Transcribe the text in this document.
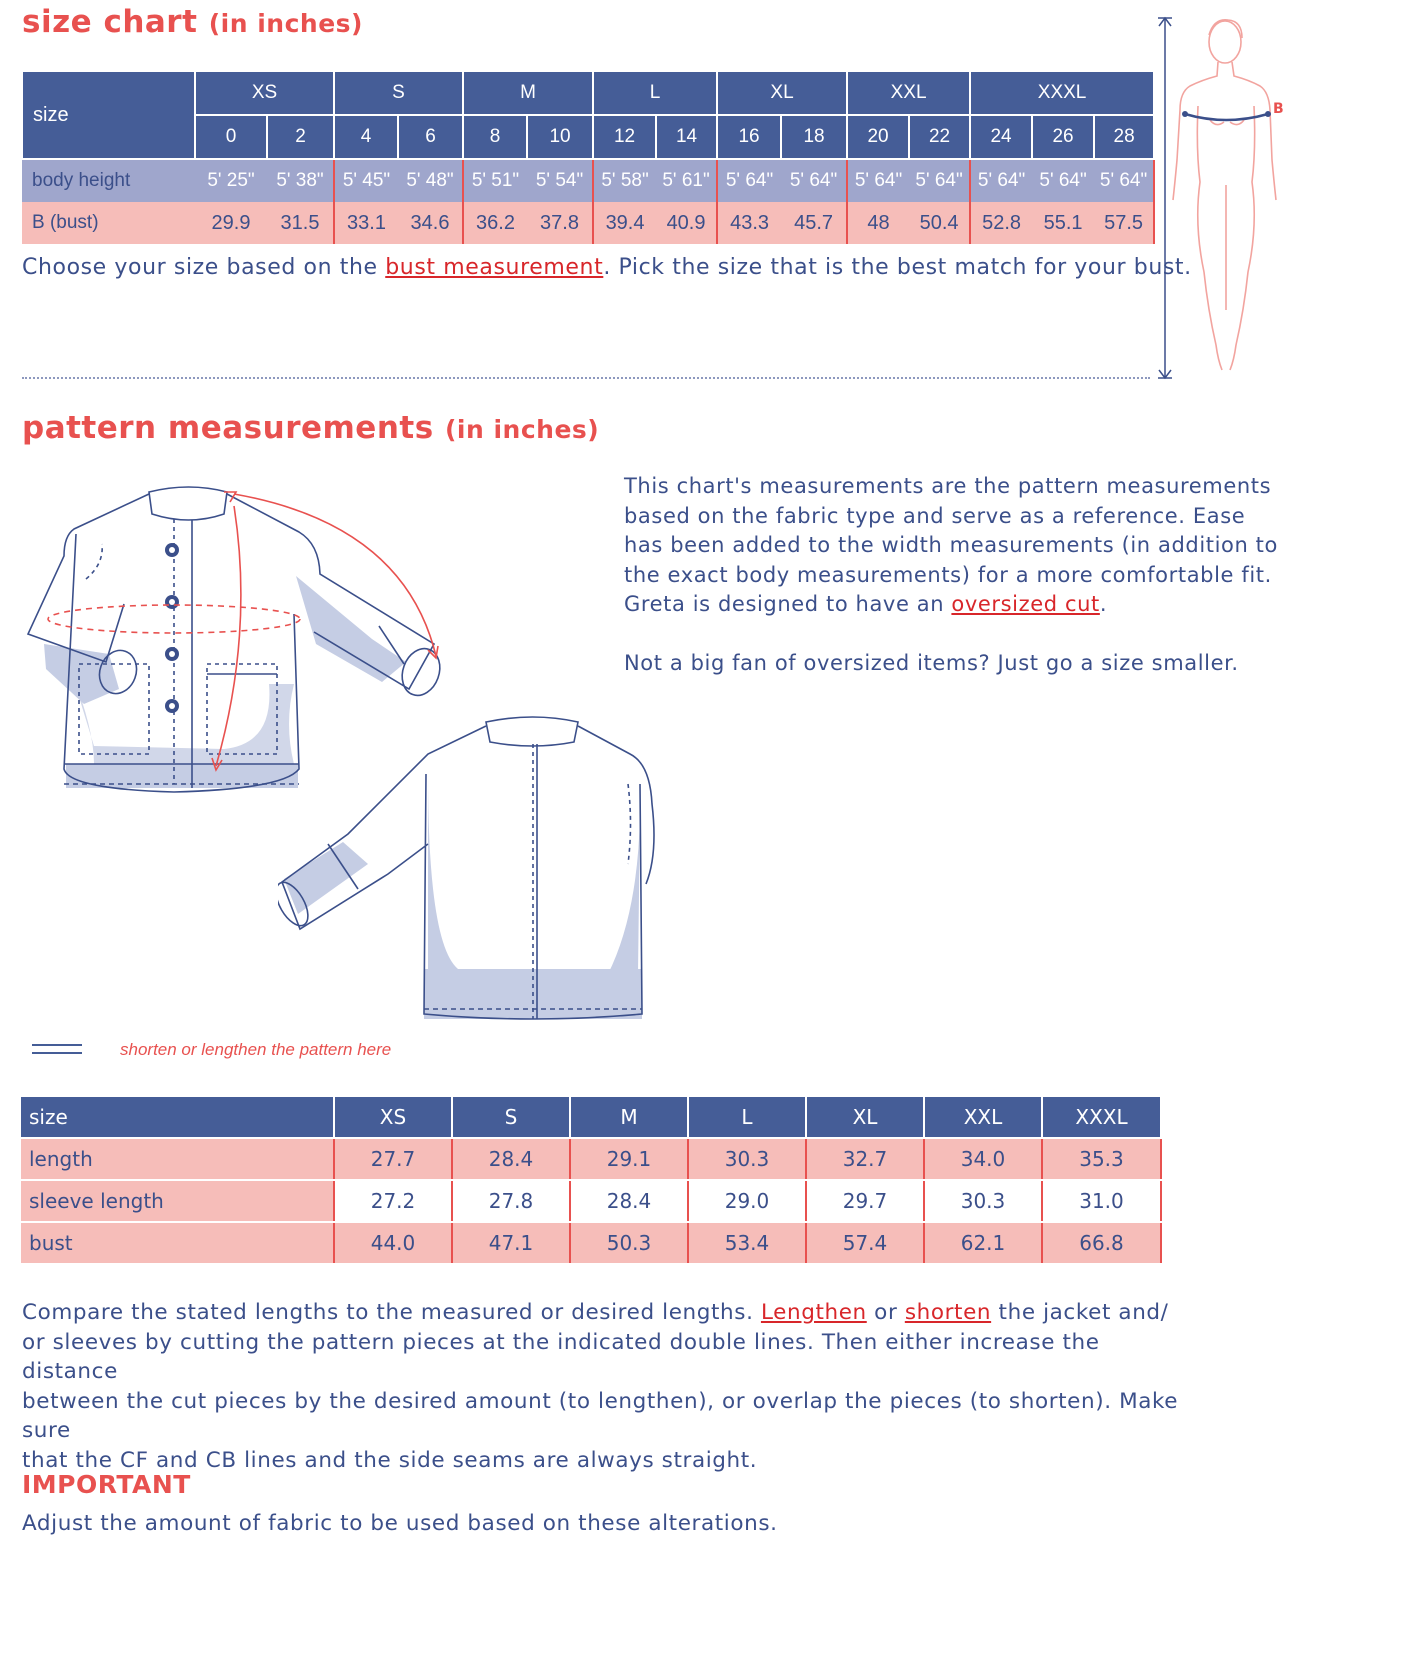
size chart (in inches)
size	XS		S		M		L		XL		XXL		XXXL		
	0	2	4	6	8	10	12	14	16	18	20	22	24	26	28
body height	5' 25"	5' 38"	5' 45"	5' 48"	5' 51"	5' 54"	5' 58"	5' 61"	5' 64"	5' 64"	5' 64"	5' 64"	5' 64"	5' 64"	5' 64"
B (bust)	29.9	31.5	33.1	34.6	36.2	37.8	39.4	40.9	43.3	45.7	48	50.4	52.8	55.1	57.5
Choose your size based on the bust measurement. Pick the size that is the best match for your bust.
B
pattern measurements (in inches)
This chart's measurements are the pattern measurements
based on the fabric type and serve as a reference. Ease
has been added to the width measurements (in addition to
the exact body measurements) for a more comfortable fit.
Greta is designed to have an oversized cut.
Not a big fan of oversized items? Just go a size smaller.
shorten or lengthen the pattern here
size	XS	S	M	L	XL	XXL	XXXL
length	27.7	28.4	29.1	30.3	32.7	34.0	35.3
sleeve length	27.2	27.8	28.4	29.0	29.7	30.3	31.0
bust	44.0	47.1	50.3	53.4	57.4	62.1	66.8
Compare the stated lengths to the measured or desired lengths. Lengthen or shorten the jacket and/
or sleeves by cutting the pattern pieces at the indicated double lines. Then either increase the distance
between the cut pieces by the desired amount (to lengthen), or overlap the pieces (to shorten). Make sure
that the CF and CB lines and the side seams are always straight.
IMPORTANT
Adjust the amount of fabric to be used based on these alterations.
